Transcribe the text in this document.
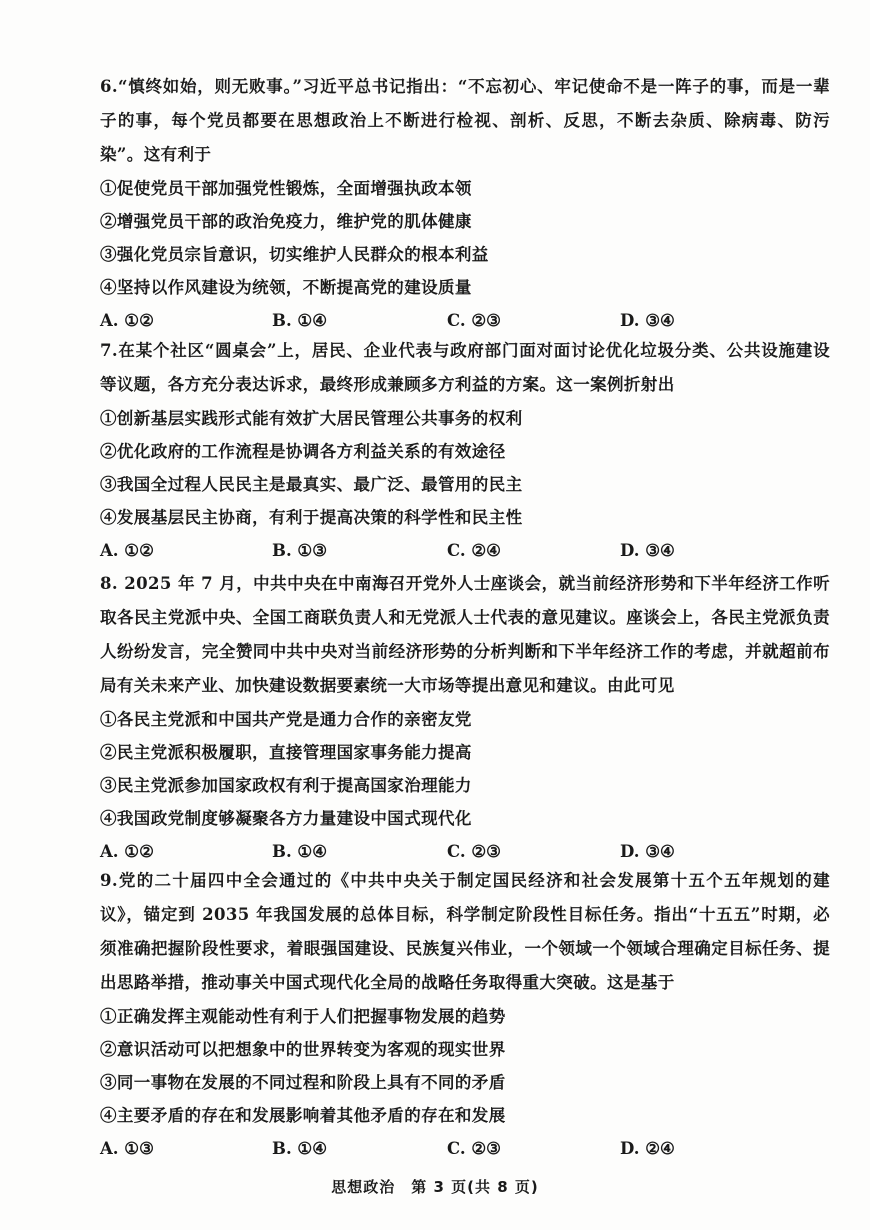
6.“慎终如始，则无败事。”习近平总书记指出：“不忘初心、牢记使命不是一阵子的事，而是一辈子的事，每个党员都要在思想政治上不断进行检视、剖析、反思，不断去杂质、除病毒、防污染”。这有利于

①促使党员干部加强党性锻炼，全面增强执政本领

②增强党员干部的政治免疫力，维护党的肌体健康

③强化党员宗旨意识，切实维护人民群众的根本利益

④坚持以作风建设为统领，不断提高党的建设质量

A. ①②	B. ①④	C. ②③	D. ③④

7.在某个社区“圆桌会”上，居民、企业代表与政府部门面对面讨论优化垃圾分类、公共设施建设等议题，各方充分表达诉求，最终形成兼顾多方利益的方案。这一案例折射出

①创新基层实践形式能有效扩大居民管理公共事务的权利

②优化政府的工作流程是协调各方利益关系的有效途径

③我国全过程人民民主是最真实、最广泛、最管用的民主

④发展基层民主协商，有利于提高决策的科学性和民主性

A. ①②	B. ①③	C. ②④	D. ③④

8. 2025 年 7 月，中共中央在中南海召开党外人士座谈会，就当前经济形势和下半年经济工作听取各民主党派中央、全国工商联负责人和无党派人士代表的意见建议。座谈会上，各民主党派负责人纷纷发言，完全赞同中共中央对当前经济形势的分析判断和下半年经济工作的考虑，并就超前布局有关未来产业、加快建设数据要素统一大市场等提出意见和建议。由此可见

①各民主党派和中国共产党是通力合作的亲密友党

②民主党派积极履职，直接管理国家事务能力提高

③民主党派参加国家政权有利于提高国家治理能力

④我国政党制度够凝聚各方力量建设中国式现代化

A. ①②	B. ①④	C. ②③	D. ③④

9.党的二十届四中全会通过的《中共中央关于制定国民经济和社会发展第十五个五年规划的建议》，锚定到 2035 年我国发展的总体目标，科学制定阶段性目标任务。指出“十五五”时期，必须准确把握阶段性要求，着眼强国建设、民族复兴伟业，一个领域一个领域合理确定目标任务、提出思路举措，推动事关中国式现代化全局的战略任务取得重大突破。这是基于

①正确发挥主观能动性有利于人们把握事物发展的趋势

②意识活动可以把想象中的世界转变为客观的现实世界

③同一事物在发展的不同过程和阶段上具有不同的矛盾

④主要矛盾的存在和发展影响着其他矛盾的存在和发展

A. ①③	B. ①④	C. ②③	D. ②④
思想政治　第 3 页(共 8 页)
